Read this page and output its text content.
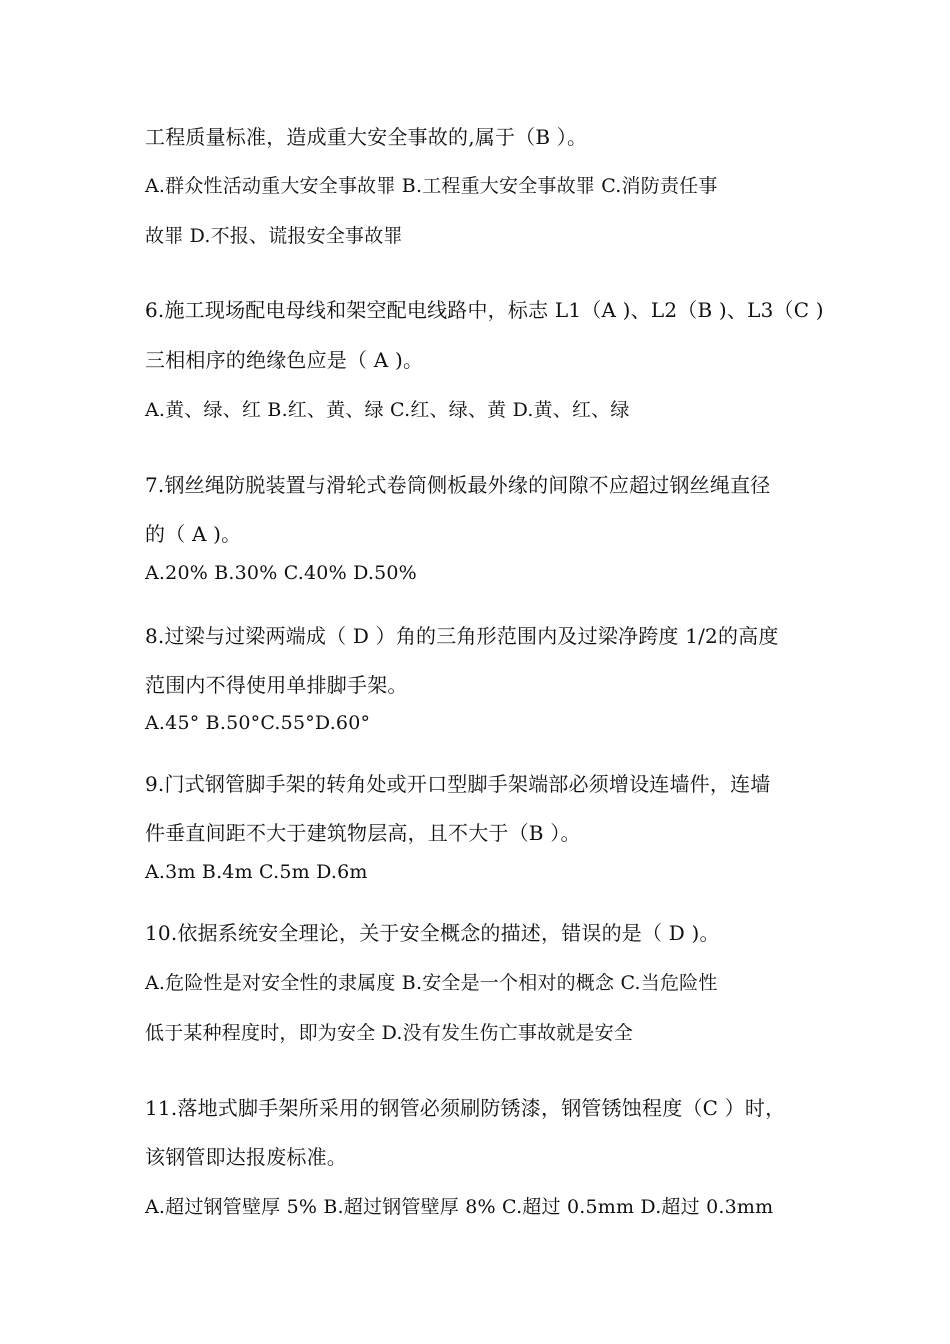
工程质量标准，造成重大安全事故的,属于（B ）。
A.群众性活动重大安全事故罪 B.工程重大安全事故罪 C.消防责任事
故罪 D.不报、谎报安全事故罪
6.施工现场配电母线和架空配电线路中，标志 L1（A )、L2（B )、L3（C )
三相相序的绝缘色应是（ A )。
A.黄、绿、红 B.红、黄、绿 C.红、绿、黄 D.黄、红、绿
7.钢丝绳防脱装置与滑轮式卷筒侧板最外缘的间隙不应超过钢丝绳直径
的（ A )。
A.20% B.30% C.40% D.50%
8.过梁与过梁两端成（ D ）角的三角形范围内及过梁净跨度 1/2的高度
范围内不得使用单排脚手架。
A.45° B.50°C.55°D.60°
9.门式钢管脚手架的转角处或开口型脚手架端部必须增设连墙件，连墙
件垂直间距不大于建筑物层高，且不大于（B ）。
A.3m B.4m C.5m D.6m
10.依据系统安全理论，关于安全概念的描述，错误的是（ D )。
A.危险性是对安全性的隶属度 B.安全是一个相对的概念 C.当危险性
低于某种程度时，即为安全 D.没有发生伤亡事故就是安全
11.落地式脚手架所采用的钢管必须刷防锈漆，钢管锈蚀程度（C ）时，
该钢管即达报废标准。
A.超过钢管壁厚 5% B.超过钢管壁厚 8% C.超过 0.5mm D.超过 0.3mm
